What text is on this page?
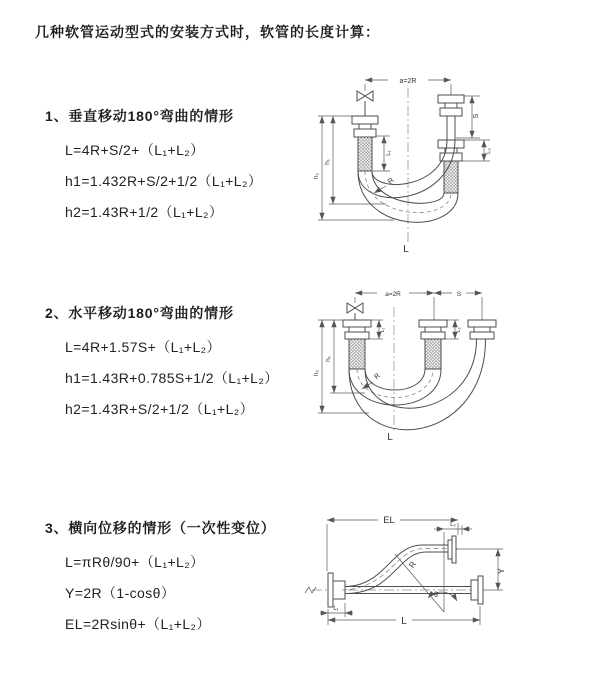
几种软管运动型式的安装方式时，软管的长度计算：
1、垂直移动180°弯曲的情形
L=4R+S/2+（L₁+L₂）
h1=1.432R+S/2+1/2（L₁+L₂）
h2=1.43R+1/2（L₁+L₂）
2、水平移动180°弯曲的情形
L=4R+1.57S+（L₁+L₂）
h1=1.43R+0.785S+1/2（L₁+L₂）
h2=1.43R+S/2+1/2（L₁+L₂）
3、横向位移的情形（一次性变位）
L=πRθ/90+（L₁+L₂）
Y=2R（1-cosθ）
EL=2Rsinθ+（L₁+L₂）
a=2R
L₁
S
L₂
h₁
h₂	R
L
a=2R	S
L₁	L₂
h₁
h₂	R
L
EL	L₂
Y
R
θ
L
L₁
